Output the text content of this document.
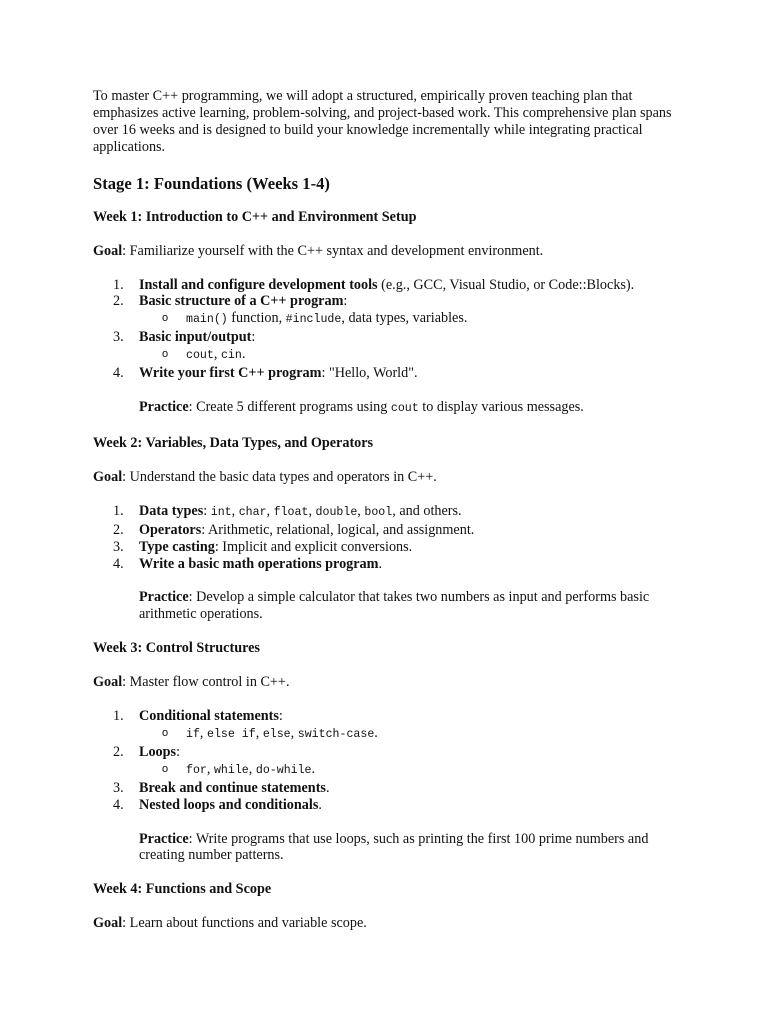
To master C++ programming, we will adopt a structured, empirically proven teaching plan that emphasizes active learning, problem-solving, and project-based work. This comprehensive plan spans over 16 weeks and is designed to build your knowledge incrementally while integrating practical applications.

Stage 1: Foundations (Weeks 1-4)
Week 1: Introduction to C++ and Environment Setup

Goal: Familiarize yourself with the C++ syntax and development environment.

1. Install and configure development tools (e.g., GCC, Visual Studio, or Code::Blocks).
2. Basic structure of a C++ program:
o main() function, #include, data types, variables.
3. Basic input/output:
o cout, cin.
4. Write your first C++ program: "Hello, World".

Practice: Create 5 different programs using cout to display various messages.

Week 2: Variables, Data Types, and Operators

Goal: Understand the basic data types and operators in C++.

1. Data types: int, char, float, double, bool, and others.
2. Operators: Arithmetic, relational, logical, and assignment.
3. Type casting: Implicit and explicit conversions.
4. Write a basic math operations program.

Practice: Develop a simple calculator that takes two numbers as input and performs basic arithmetic operations.

Week 3: Control Structures

Goal: Master flow control in C++.

1. Conditional statements:
o if, else if, else, switch-case.
2. Loops:
o for, while, do-while.
3. Break and continue statements.
4. Nested loops and conditionals.

Practice: Write programs that use loops, such as printing the first 100 prime numbers and creating number patterns.

Week 4: Functions and Scope

Goal: Learn about functions and variable scope.
